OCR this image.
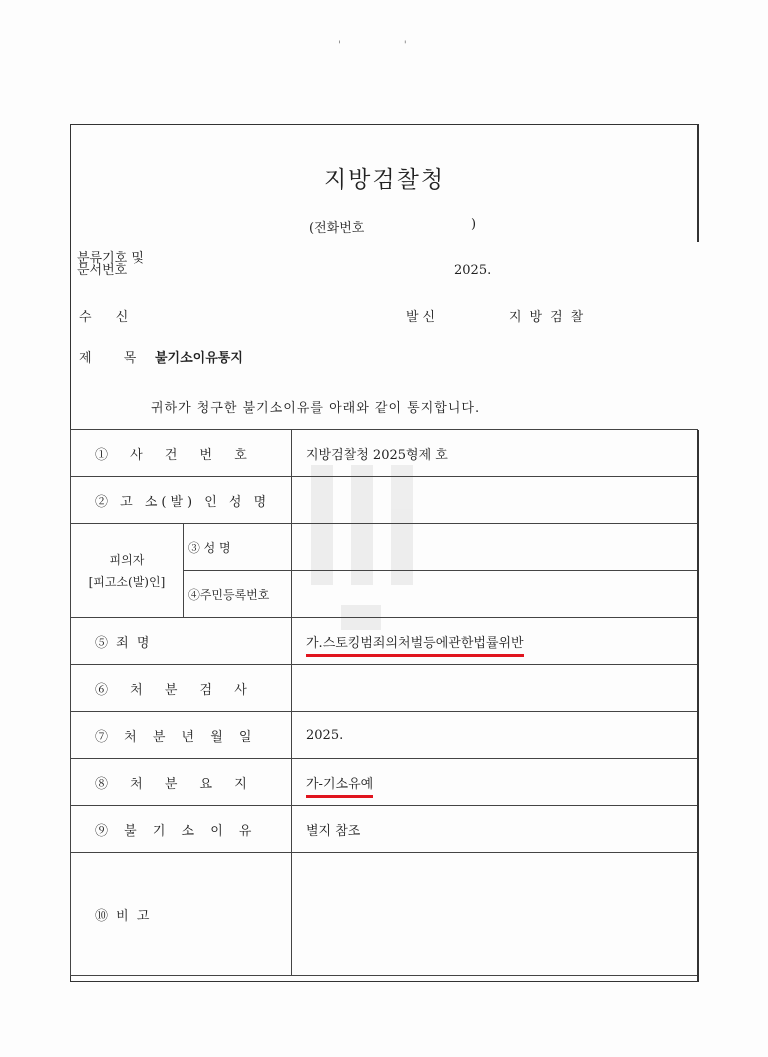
' '
지방검찰청
(전화번호	)
분류기호 및
문서번호	2025.
수 신	발신	지방검찰
제 목 불기소이유통지
귀하가 청구한 불기소이유를 아래와 같이 통지합니다.
① 사 건 번 호		지방검찰청 2025형제 호
② 고 소(발) 인 성 명		

피의자
[피고소(발)인]	③ 성 명	
	④주민등록번호	
⑤ 죄 명		가.스토킹범죄의처벌등에관한법률위반
⑥ 처 분 검 사		
⑦ 처 분 년 월 일		2025.
⑧ 처 분 요 지		가-기소유예
⑨ 불 기 소 이 유		별지 참조
⑩ 비 고		
